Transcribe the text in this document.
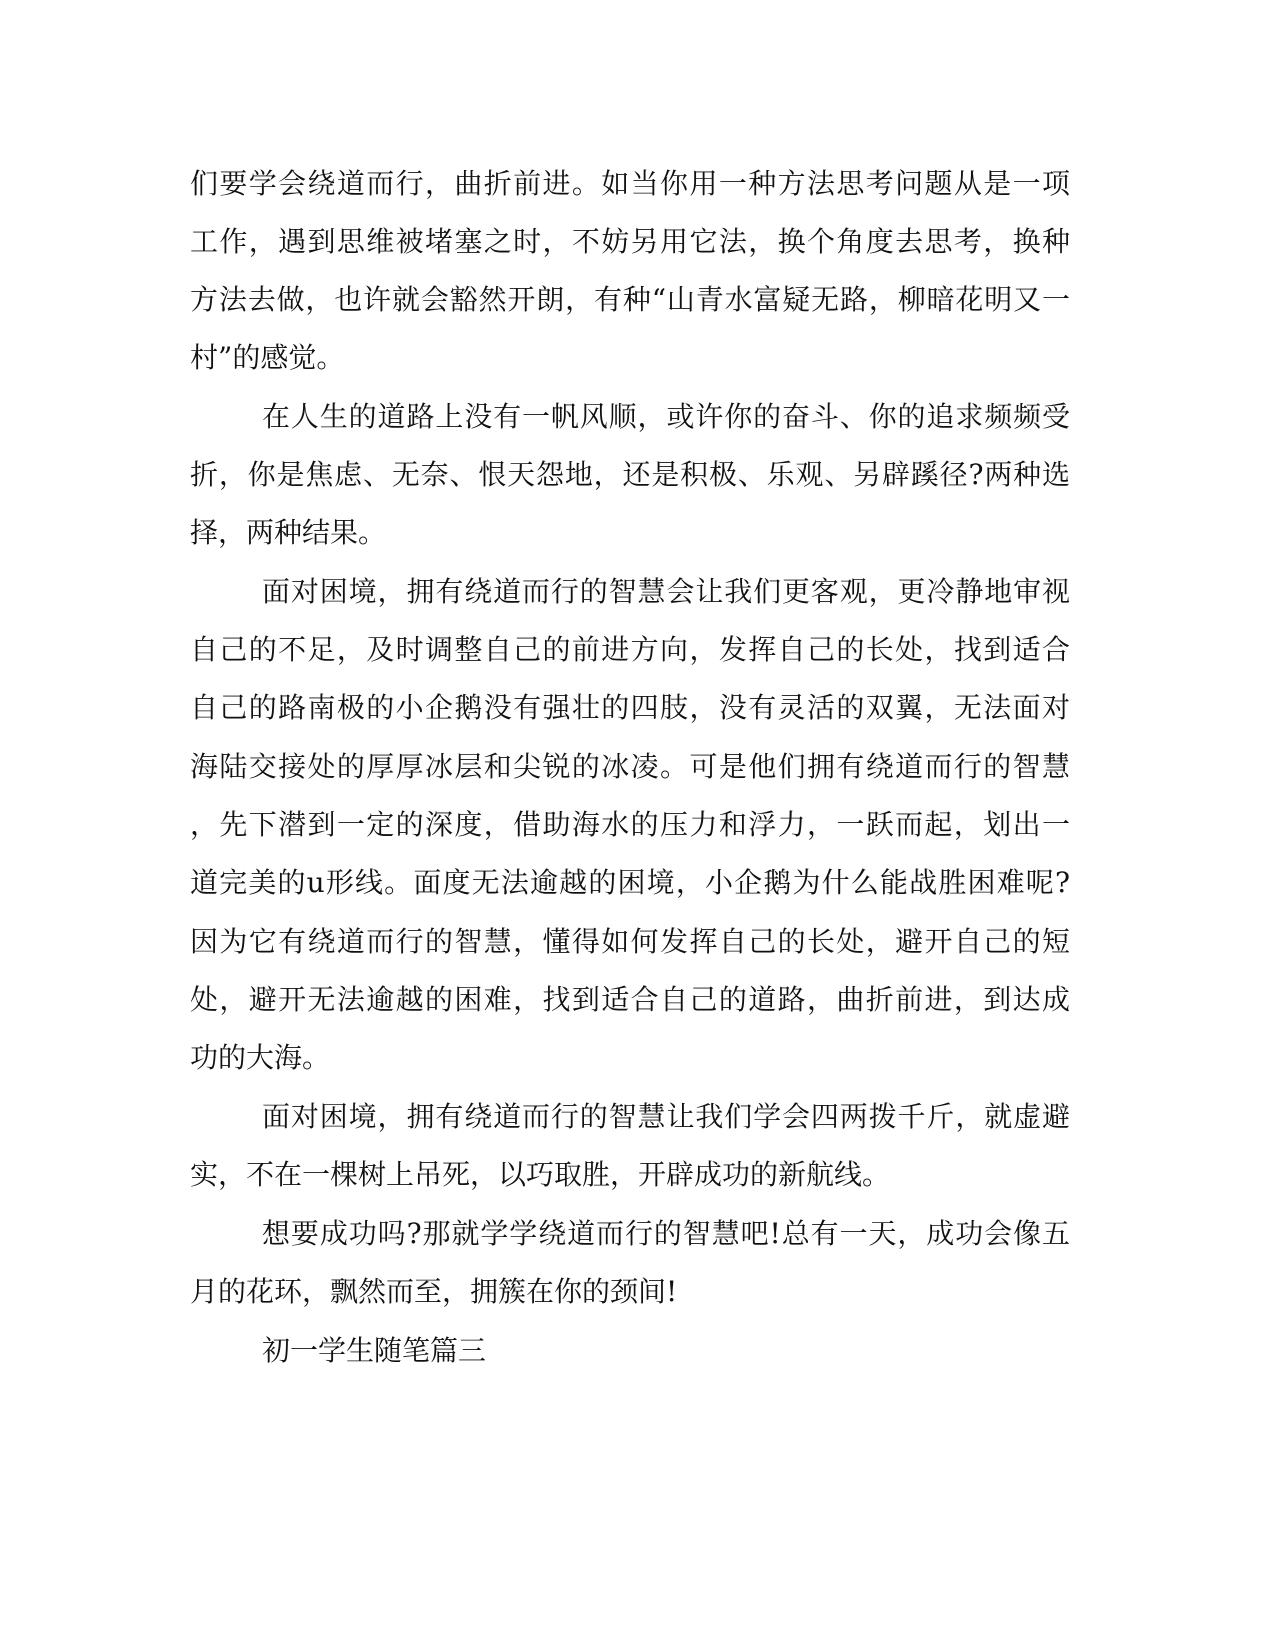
们要学会绕道而行，曲折前进。如当你用一种方法思考问题从是一项
工作，遇到思维被堵塞之时，不妨另用它法，换个角度去思考，换种
方法去做，也许就会豁然开朗，有种“山青水富疑无路，柳暗花明又一
村”的感觉。
在人生的道路上没有一帆风顺，或许你的奋斗、你的追求频频受
折，你是焦虑、无奈、恨天怨地，还是积极、乐观、另辟蹊径?两种选
择，两种结果。
面对困境，拥有绕道而行的智慧会让我们更客观，更冷静地审视
自己的不足，及时调整自己的前进方向，发挥自己的长处，找到适合
自己的路南极的小企鹅没有强壮的四肢，没有灵活的双翼，无法面对
海陆交接处的厚厚冰层和尖锐的冰凌。可是他们拥有绕道而行的智慧
，先下潜到一定的深度，借助海水的压力和浮力，一跃而起，划出一
道完美的u形线。面度无法逾越的困境，小企鹅为什么能战胜困难呢?
因为它有绕道而行的智慧，懂得如何发挥自己的长处，避开自己的短
处，避开无法逾越的困难，找到适合自己的道路，曲折前进，到达成
功的大海。
面对困境，拥有绕道而行的智慧让我们学会四两拨千斤，就虚避
实，不在一棵树上吊死，以巧取胜，开辟成功的新航线。
想要成功吗?那就学学绕道而行的智慧吧!总有一天，成功会像五
月的花环，飘然而至，拥簇在你的颈间!
初一学生随笔篇三
